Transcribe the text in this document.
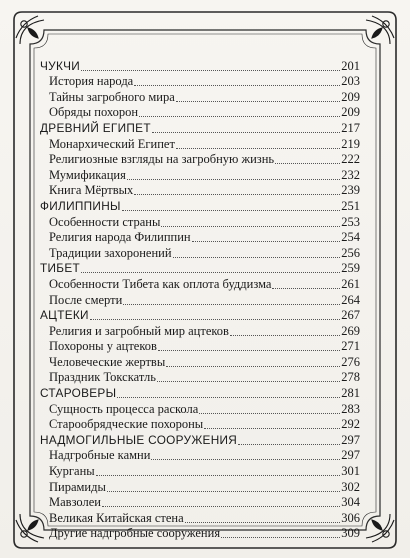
ЧУКЧИ	201
История народа	203
Тайны загробного мира	209
Обряды похорон	209
ДРЕВНИЙ ЕГИПЕТ	217
Монархический Египет	219
Религиозные взгляды на загробную жизнь	222
Мумификация	232
Книга Мёртвых	239
ФИЛИППИНЫ	251
Особенности страны	253
Религия народа Филиппин	254
Традиции захоронений	256
ТИБЕТ	259
Особенности Тибета как оплота буддизма	261
После смерти	264
АЦТЕКИ	267
Религия и загробный мир ацтеков	269
Похороны у ацтеков	271
Человеческие жертвы	276
Праздник Токскатль	278
СТАРОВЕРЫ	281
Сущность процесса раскола	283
Старообрядческие похороны	292
НАДМОГИЛЬНЫЕ СООРУЖЕНИЯ	297
Надгробные камни	297
Курганы	301
Пирамиды	302
Мавзолеи	304
Великая Китайская стена	306
Другие надгробные сооружения	309
